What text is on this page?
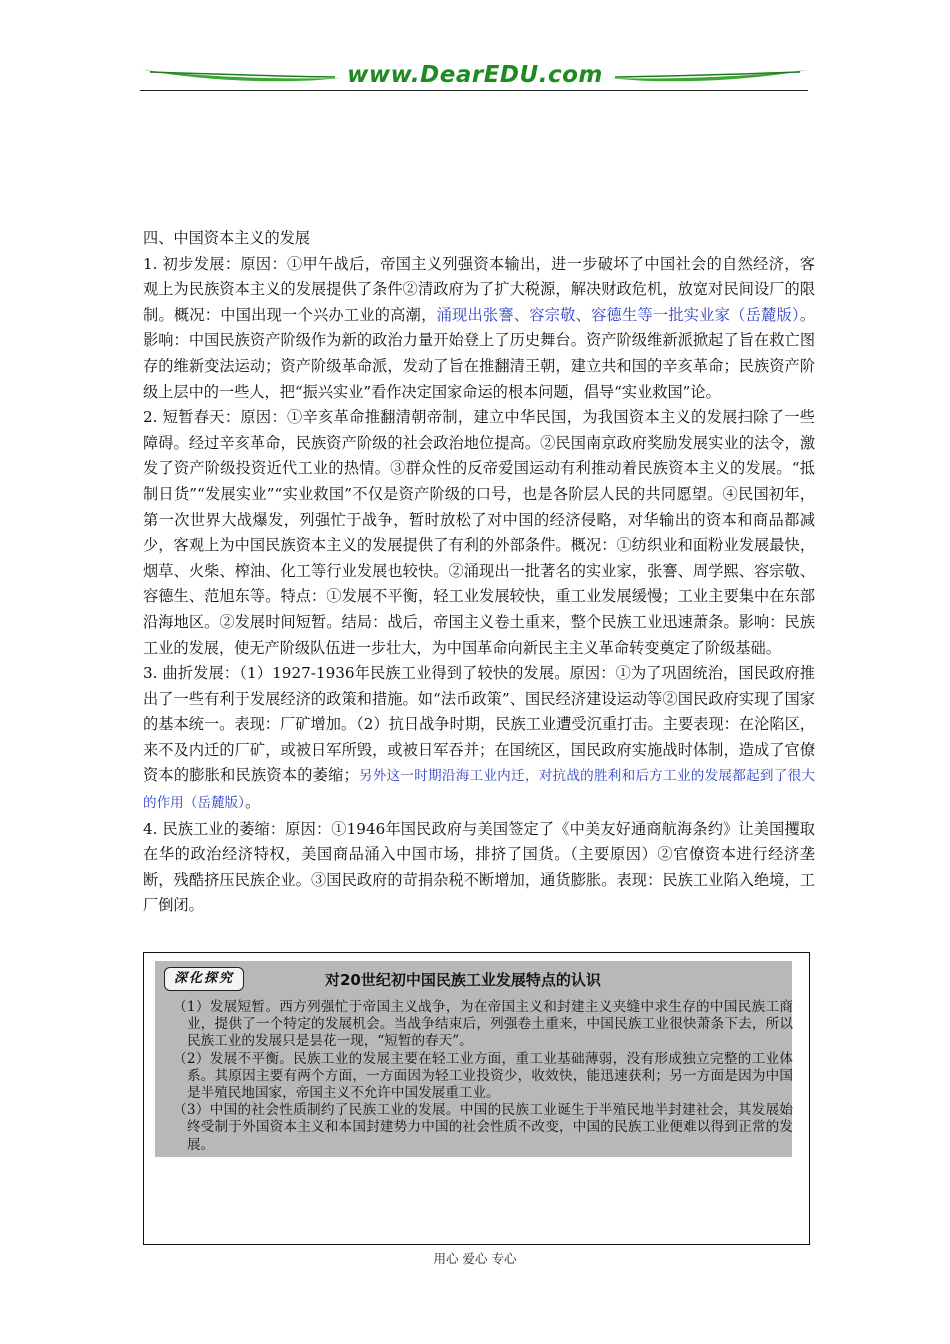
www.DearEDU.com

四、中国资本主义的发展

1. 初步发展：原因：①甲午战后，帝国主义列强资本输出，进一步破坏了中国社会的自然经济，客观上为民族资本主义的发展提供了条件②清政府为了扩大税源，解决财政危机，放宽对民间设厂的限制。概况：中国出现一个兴办工业的高潮，涌现出张謇、容宗敬、容德生等一批实业家（岳麓版）。影响：中国民族资产阶级作为新的政治力量开始登上了历史舞台。资产阶级维新派掀起了旨在救亡图存的维新变法运动；资产阶级革命派，发动了旨在推翻清王朝，建立共和国的辛亥革命；民族资产阶级上层中的一些人，把“振兴实业”看作决定国家命运的根本问题，倡导“实业救国”论。

2. 短暂春天：原因：①辛亥革命推翻清朝帝制，建立中华民国，为我国资本主义的发展扫除了一些障碍。经过辛亥革命，民族资产阶级的社会政治地位提高。②民国南京政府奖励发展实业的法令，激发了资产阶级投资近代工业的热情。③群众性的反帝爱国运动有利推动着民族资本主义的发展。“抵制日货”“发展实业”“实业救国”不仅是资产阶级的口号，也是各阶层人民的共同愿望。④民国初年，第一次世界大战爆发，列强忙于战争，暂时放松了对中国的经济侵略，对华输出的资本和商品都减少，客观上为中国民族资本主义的发展提供了有利的外部条件。概况：①纺织业和面粉业发展最快，烟草、火柴、榨油、化工等行业发展也较快。②涌现出一批著名的实业家，张謇、周学熙、容宗敬、容德生、范旭东等。特点：①发展不平衡，轻工业发展较快，重工业发展缓慢；工业主要集中在东部沿海地区。②发展时间短暂。结局：战后，帝国主义卷土重来，整个民族工业迅速萧条。影响：民族工业的发展，使无产阶级队伍进一步壮大，为中国革命向新民主主义革命转变奠定了阶级基础。

3. 曲折发展：（1）1927-1936年民族工业得到了较快的发展。原因：①为了巩固统治，国民政府推出了一些有利于发展经济的政策和措施。如“法币政策”、国民经济建设运动等②国民政府实现了国家的基本统一。表现：厂矿增加。（2）抗日战争时期，民族工业遭受沉重打击。主要表现：在沦陷区，来不及内迁的厂矿，或被日军所毁，或被日军吞并；在国统区，国民政府实施战时体制，造成了官僚资本的膨胀和民族资本的萎缩；另外这一时期沿海工业内迁，对抗战的胜利和后方工业的发展都起到了很大的作用（岳麓版）。

4. 民族工业的萎缩：原因：①1946年国民政府与美国签定了《中美友好通商航海条约》让美国攫取在华的政治经济特权，美国商品涌入中国市场，排挤了国货。（主要原因）②官僚资本进行经济垄断，残酷挤压民族企业。③国民政府的苛捐杂税不断增加，通货膨胀。表现：民族工业陷入绝境，工厂倒闭。

对20世纪初中国民族工业发展特点的认识

（1）发展短暂。西方列强忙于帝国主义战争，为在帝国主义和封建主义夹缝中求生存的中国民族工商业，提供了一个特定的发展机会。当战争结束后，列强卷土重来，中国民族工业很快萧条下去，所以民族工业的发展只是昙花一现，“短暂的春天”。

（2）发展不平衡。民族工业的发展主要在轻工业方面，重工业基础薄弱，没有形成独立完整的工业体系。其原因主要有两个方面，一方面因为轻工业投资少，收效快，能迅速获利；另一方面是因为中国是半殖民地国家，帝国主义不允许中国发展重工业。

（3）中国的社会性质制约了民族工业的发展。中国的民族工业诞生于半殖民地半封建社会，其发展始终受制于外国资本主义和本国封建势力中国的社会性质不改变，中国的民族工业便难以得到正常的发展。

深化探究
用心 爱心 专心
